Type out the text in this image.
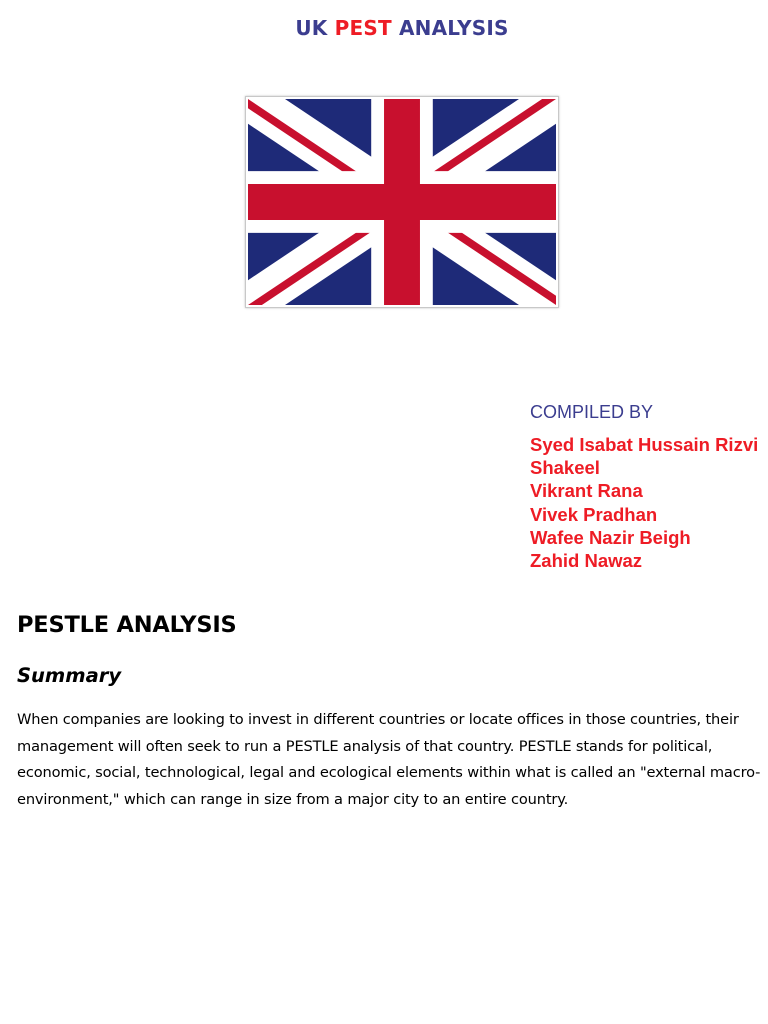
UK PEST ANALYSIS
COMPILED BY
Syed Isabat Hussain Rizvi
Shakeel
Vikrant Rana
Vivek Pradhan
Wafee Nazir Beigh
Zahid Nawaz
PESTLE ANALYSIS
Summary

When companies are looking to invest in different countries or locate offices in those countries, their management will often seek to run a PESTLE analysis of that country. PESTLE stands for political, economic, social, technological, legal and ecological elements within what is called an "external macro-environment," which can range in size from a major city to an entire country.
